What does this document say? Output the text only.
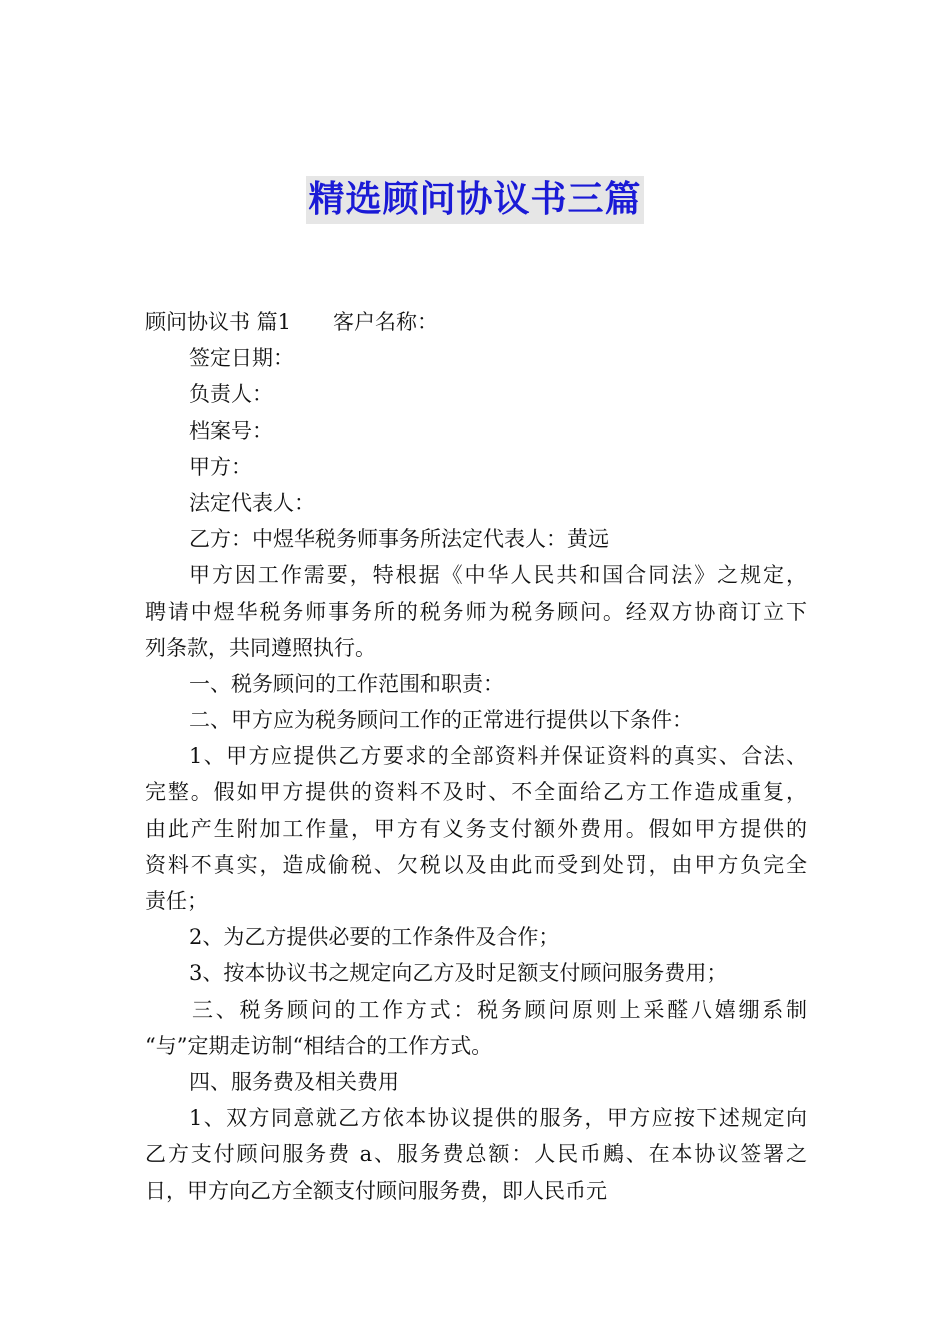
精选顾问协议书三篇
顾问协议书 篇1 客户名称：
签定日期：
负责人：
档案号：
甲方：
法定代表人：
乙方：中煜华税务师事务所法定代表人：黄远
甲方因工作需要，特根据《中华人民共和国合同法》之规定，
聘请中煜华税务师事务所的税务师为税务顾问。经双方协商订立下
列条款，共同遵照执行。
一、税务顾问的工作范围和职责：
二、甲方应为税务顾问工作的正常进行提供以下条件：
1、甲方应提供乙方要求的全部资料并保证资料的真实、合法、
完整。假如甲方提供的资料不及时、不全面给乙方工作造成重复，
由此产生附加工作量，甲方有义务支付额外费用。假如甲方提供的
资料不真实，造成偷税、欠税以及由此而受到处罚，由甲方负完全
责任；
2、为乙方提供必要的工作条件及合作；
3、按本协议书之规定向乙方及时足额支付顾问服务费用；
三、税务顾问的工作方式：税务顾问原则上采醛八嬉绷系制
“与”定期走访制“相结合的工作方式。
四、服务费及相关费用
1、双方同意就乙方依本协议提供的服务，甲方应按下述规定向
乙方支付顾问服务费 a、服务费总额：人民币鶊、在本协议签署之
日，甲方向乙方全额支付顾问服务费，即人民币元
